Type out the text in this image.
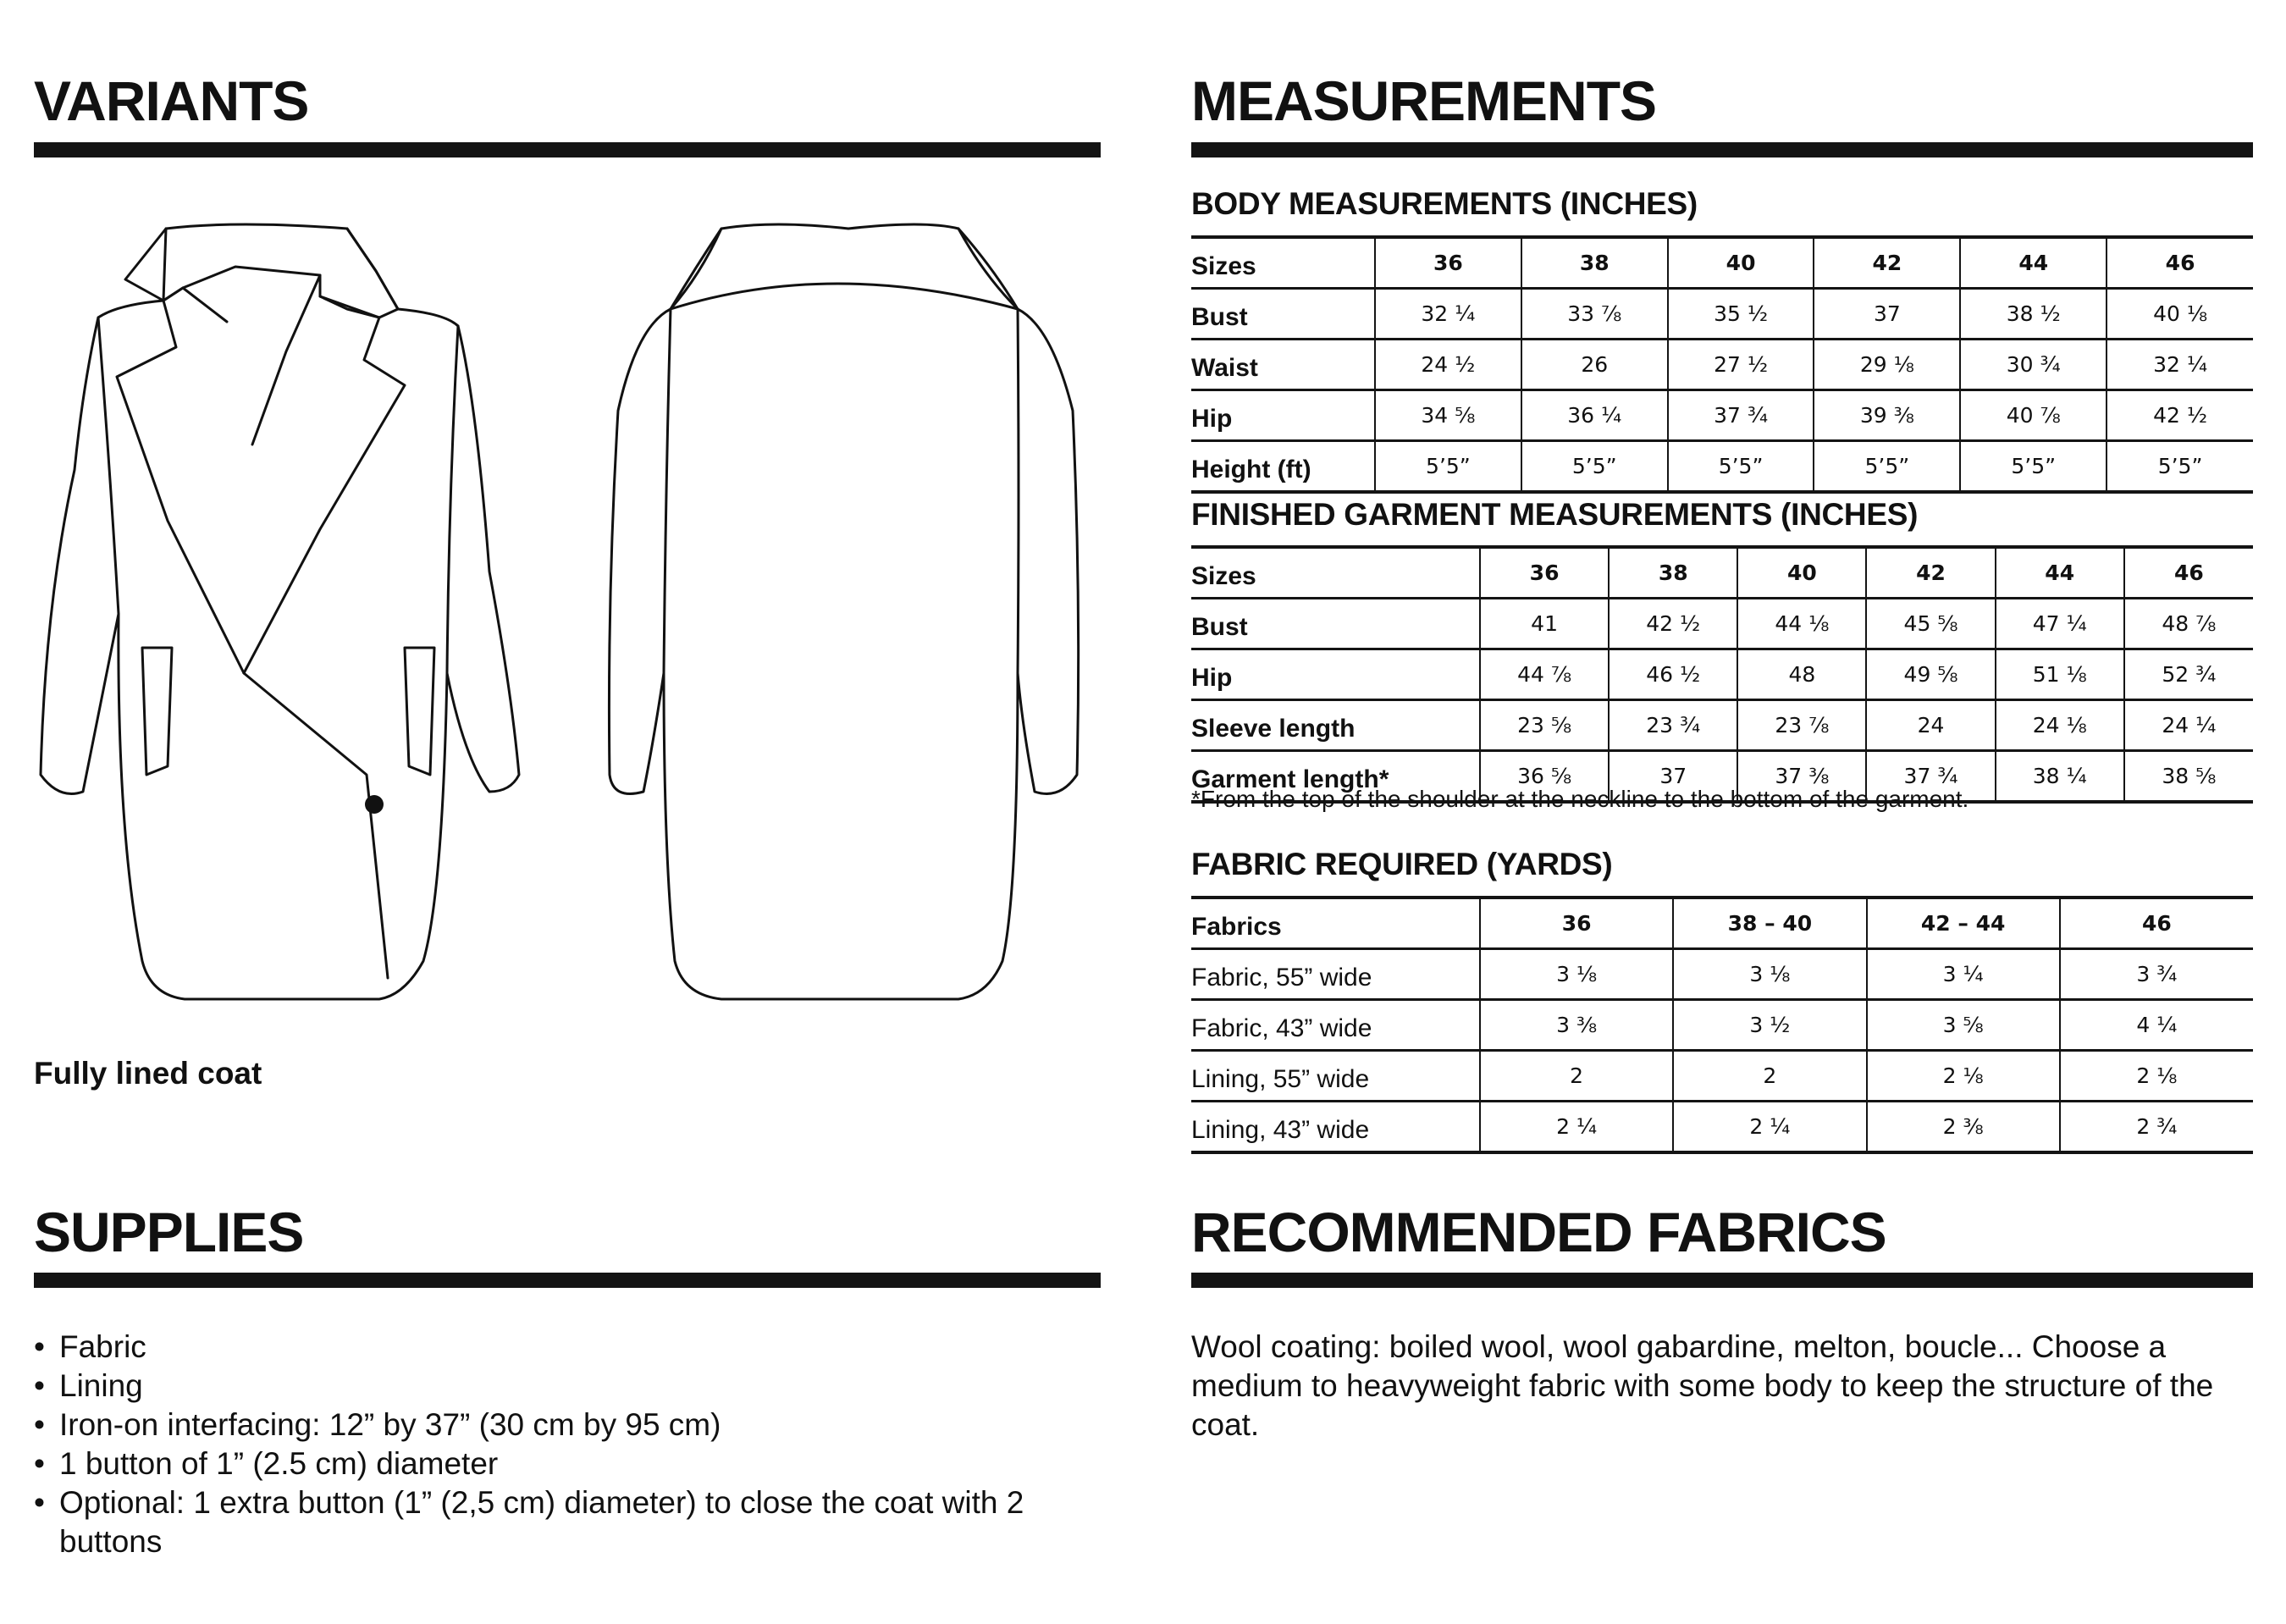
VARIANTS
Fully lined coat
MEASUREMENTS
BODY MEASUREMENTS (INCHES)
Sizes	36	38	40	42	44	46
Bust	32 ¼	33 ⅞	35 ½	37	38 ½	40 ⅛
Waist	24 ½	26	27 ½	29 ⅛	30 ¾	32 ¼
Hip	34 ⅝	36 ¼	37 ¾	39 ⅜	40 ⅞	42 ½
Height (ft)	5’5”	5’5”	5’5”	5’5”	5’5”	5’5”
FINISHED GARMENT MEASUREMENTS (INCHES)
Sizes	36	38	40	42	44	46
Bust	41	42 ½	44 ⅛	45 ⅝	47 ¼	48 ⅞
Hip	44 ⅞	46 ½	48	49 ⅝	51 ⅛	52 ¾
Sleeve length	23 ⅝	23 ¾	23 ⅞	24	24 ⅛	24 ¼
Garment length*	36 ⅝	37	37 ⅜	37 ¾	38 ¼	38 ⅝
*From the top of the shoulder at the neckline to the bottom of the garment.
FABRIC REQUIRED (YARDS)
Fabrics	36	38 – 40	42 – 44	46
Fabric, 55” wide	3 ⅛	3 ⅛	3 ¼	3 ¾
Fabric, 43” wide	3 ⅜	3 ½	3 ⅝	4 ¼
Lining, 55” wide	2	2	2 ⅛	2 ⅛
Lining, 43” wide	2 ¼	2 ¼	2 ⅜	2 ¾
SUPPLIES
• Fabric
• Lining
• Iron-on interfacing: 12” by 37” (30 cm by 95 cm)
• 1 button of 1” (2.5 cm) diameter
• Optional: 1 extra button (1” (2,5 cm) diameter) to close the coat with 2 buttons
RECOMMENDED FABRICS

Wool coating: boiled wool, wool gabardine, melton, boucle... Choose a medium to heavyweight fabric with some body to keep the structure of the coat.
